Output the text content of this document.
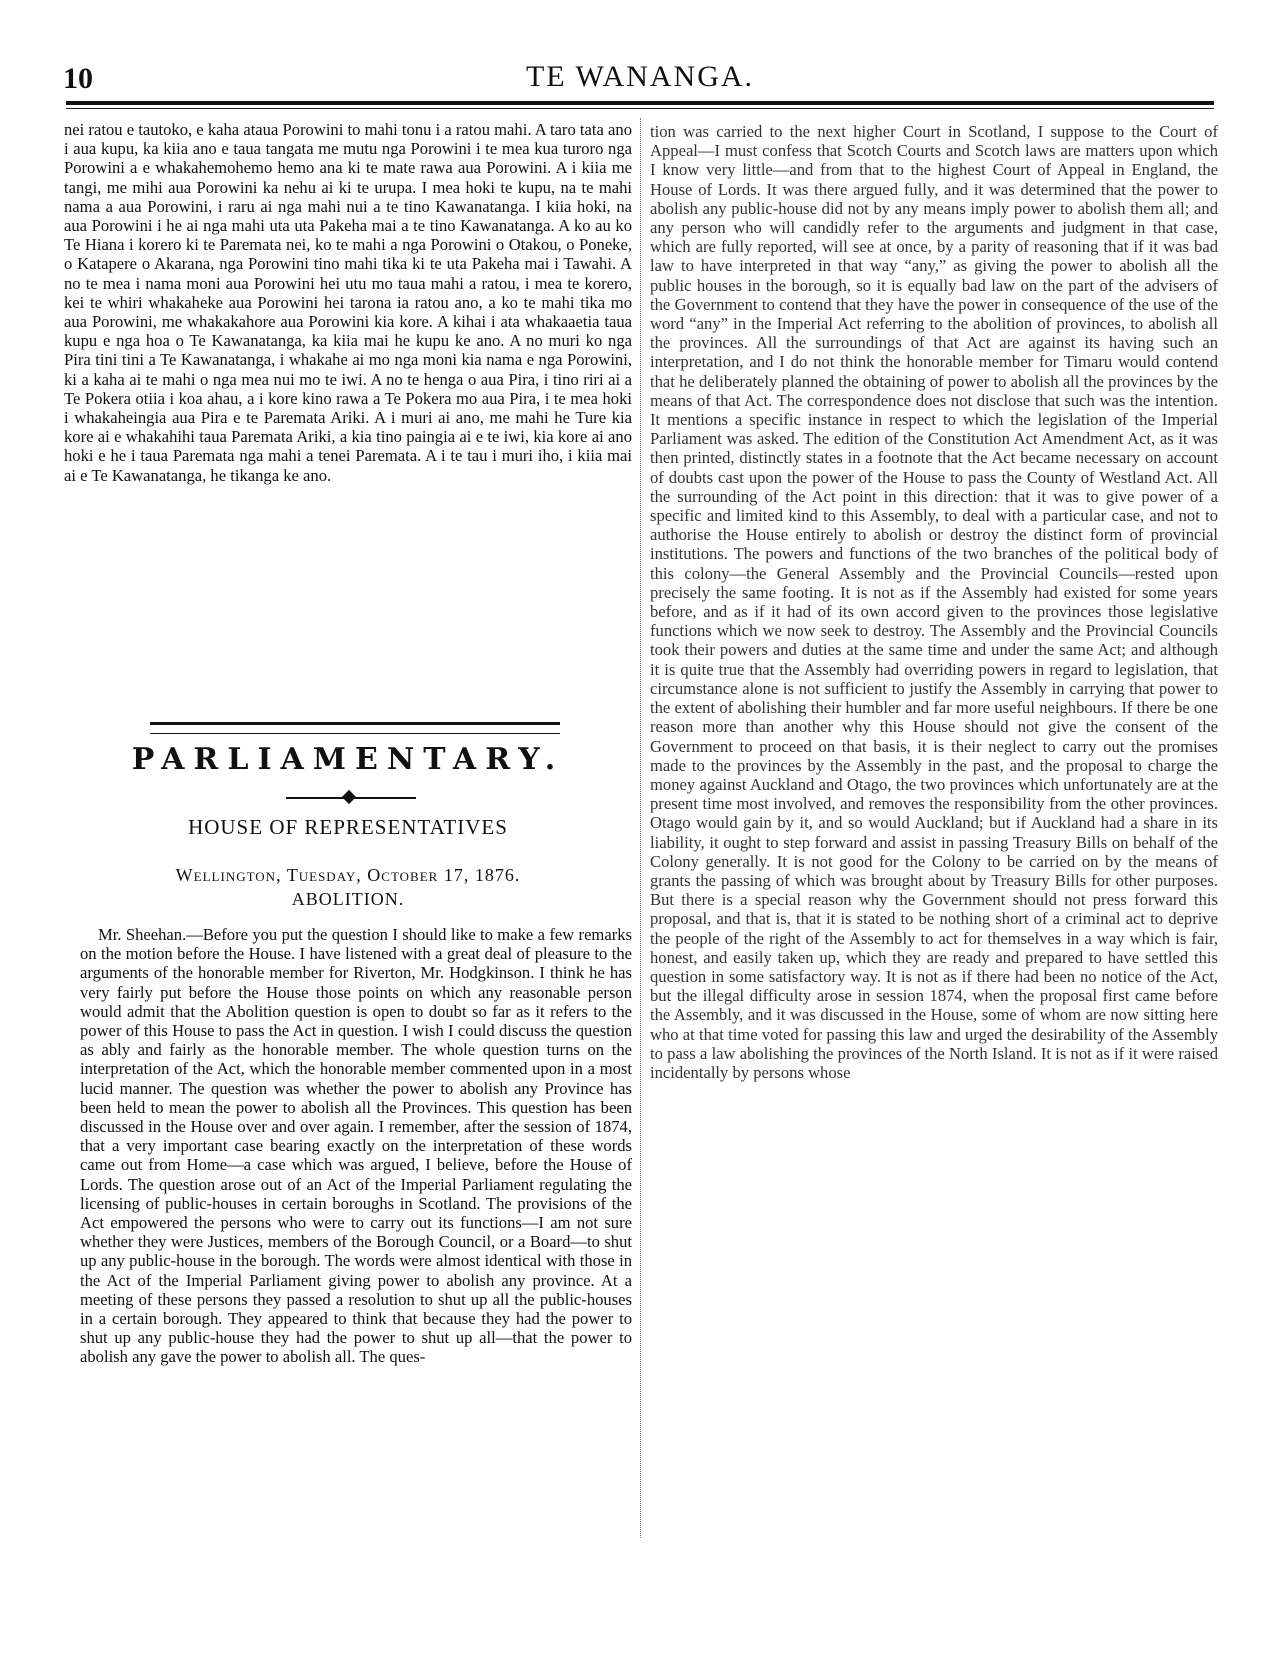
10	TE WANANGA.

nei ratou e tautoko, e kaha ataua Porowini to mahi tonu i a ratou mahi. A taro tata ano i aua kupu, ka kiia ano e taua tangata me mutu nga Porowini i te mea kua turoro nga Porowini a e whakahemohemo hemo ana ki te mate rawa aua Porowini. A i kiia me tangi, me mihi aua Porowini ka nehu ai ki te urupa. I mea hoki te kupu, na te mahi nama a aua Porowini, i raru ai nga mahi nui a te tino Kawanatanga. I kiia hoki, na aua Porowini i he ai nga mahi uta uta Pakeha mai a te tino Kawanatanga. A ko au ko Te Hiana i korero ki te Paremata nei, ko te mahi a nga Porowini o Otakou, o Poneke, o Katapere o Akarana, nga Porowini tino mahi tika ki te uta Pakeha mai i Tawahi. A no te mea i nama moni aua Porowini hei utu mo taua mahi a ratou, i mea te korero, kei te whiri whakaheke aua Porowini hei tarona ia ratou ano, a ko te mahi tika mo aua Porowini, me whakakahore aua Porowini kia kore. A kihai i ata whakaaetia taua kupu e nga hoa o Te Kawanatanga, ka kiia mai he kupu ke ano. A no muri ko nga Pira tini tini a Te Kawanatanga, i whakahe ai mo nga moni kia nama e nga Porowini, ki a kaha ai te mahi o nga mea nui mo te iwi. A no te henga o aua Pira, i tino riri ai a Te Pokera otiia i koa ahau, a i kore kino rawa a Te Pokera mo aua Pira, i te mea hoki i whakaheingia aua Pira e te Paremata Ariki. A i muri ai ano, me mahi he Ture kia kore ai e whakahihi taua Paremata Ariki, a kia tino paingia ai e te iwi, kia kore ai ano hoki e he i taua Paremata nga mahi a tenei Paremata. A i te tau i muri iho, i kiia mai ai e Te Kawanatanga, he tikanga ke ano.

PARLIAMENTARY.
HOUSE OF REPRESENTATIVES
Wellington, Tuesday, October 17, 1876.
ABOLITION.

Mr. Sheehan.—Before you put the question I should like to make a few remarks on the motion before the House. I have listened with a great deal of pleasure to the arguments of the honorable member for Riverton, Mr. Hodgkinson. I think he has very fairly put before the House those points on which any reasonable person would admit that the Abolition question is open to doubt so far as it refers to the power of this House to pass the Act in question. I wish I could discuss the question as ably and fairly as the honorable member. The whole question turns on the interpretation of the Act, which the honorable member commented upon in a most lucid manner. The question was whether the power to abolish any Province has been held to mean the power to abolish all the Provinces. This question has been discussed in the House over and over again. I remember, after the session of 1874, that a very important case bearing exactly on the interpretation of these words came out from Home—a case which was argued, I believe, before the House of Lords. The question arose out of an Act of the Imperial Parliament regulating the licensing of public-houses in certain boroughs in Scotland. The provisions of the Act empowered the persons who were to carry out its functions—I am not sure whether they were Justices, members of the Borough Council, or a Board—to shut up any public-house in the borough. The words were almost identical with those in the Act of the Imperial Parliament giving power to abolish any province. At a meeting of these persons they passed a resolution to shut up all the public-houses in a certain borough. They appeared to think that because they had the power to shut up any public-house they had the power to shut up all—that the power to abolish any gave the power to abolish all. The ques-

tion was carried to the next higher Court in Scotland, I suppose to the Court of Appeal—I must confess that Scotch Courts and Scotch laws are matters upon which I know very little—and from that to the highest Court of Appeal in England, the House of Lords. It was there argued fully, and it was determined that the power to abolish any public-house did not by any means imply power to abolish them all; and any person who will candidly refer to the arguments and judgment in that case, which are fully reported, will see at once, by a parity of reasoning that if it was bad law to have interpreted in that way “any,” as giving the power to abolish all the public houses in the borough, so it is equally bad law on the part of the advisers of the Government to contend that they have the power in consequence of the use of the word “any” in the Imperial Act referring to the abolition of provinces, to abolish all the provinces. All the surroundings of that Act are against its having such an interpretation, and I do not think the honorable member for Timaru would contend that he deliberately planned the obtaining of power to abolish all the provinces by the means of that Act. The correspondence does not disclose that such was the intention. It mentions a specific instance in respect to which the legislation of the Imperial Parliament was asked. The edition of the Constitution Act Amendment Act, as it was then printed, distinctly states in a footnote that the Act became necessary on account of doubts cast upon the power of the House to pass the County of Westland Act. All the surrounding of the Act point in this direction: that it was to give power of a specific and limited kind to this Assembly, to deal with a particular case, and not to authorise the House entirely to abolish or destroy the distinct form of provincial institutions. The powers and functions of the two branches of the political body of this colony—the General Assembly and the Provincial Councils—rested upon precisely the same footing. It is not as if the Assembly had existed for some years before, and as if it had of its own accord given to the provinces those legislative functions which we now seek to destroy. The Assembly and the Provincial Councils took their powers and duties at the same time and under the same Act; and although it is quite true that the Assembly had overriding powers in regard to legislation, that circumstance alone is not sufficient to justify the Assembly in carrying that power to the extent of abolishing their humbler and far more useful neighbours. If there be one reason more than another why this House should not give the consent of the Government to proceed on that basis, it is their neglect to carry out the promises made to the provinces by the Assembly in the past, and the proposal to charge the money against Auckland and Otago, the two provinces which unfortunately are at the present time most involved, and removes the responsibility from the other provinces. Otago would gain by it, and so would Auckland; but if Auckland had a share in its liability, it ought to step forward and assist in passing Treasury Bills on behalf of the Colony generally. It is not good for the Colony to be carried on by the means of grants the passing of which was brought about by Treasury Bills for other purposes. But there is a special reason why the Government should not press forward this proposal, and that is, that it is stated to be nothing short of a criminal act to deprive the people of the right of the Assembly to act for themselves in a way which is fair, honest, and easily taken up, which they are ready and prepared to have settled this question in some satisfactory way. It is not as if there had been no notice of the Act, but the illegal difficulty arose in session 1874, when the proposal first came before the Assembly, and it was discussed in the House, some of whom are now sitting here who at that time voted for passing this law and urged the desirability of the Assembly to pass a law abolishing the provinces of the North Island. It is not as if it were raised incidentally by persons whose
